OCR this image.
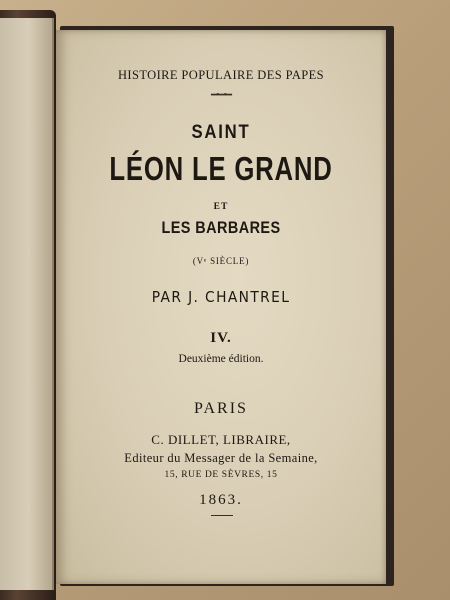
HISTOIRE POPULAIRE DES PAPES
━•━•━
SAINT
LÉON LE GRAND
ET
LES BARBARES
(Vᵉ SIÈCLE)
PAR J. CHANTREL
IV.
Deuxième édition.
PARIS
C. DILLET, LIBRAIRE,
Editeur du Messager de la Semaine,
15, RUE DE SÈVRES, 15
1863.
